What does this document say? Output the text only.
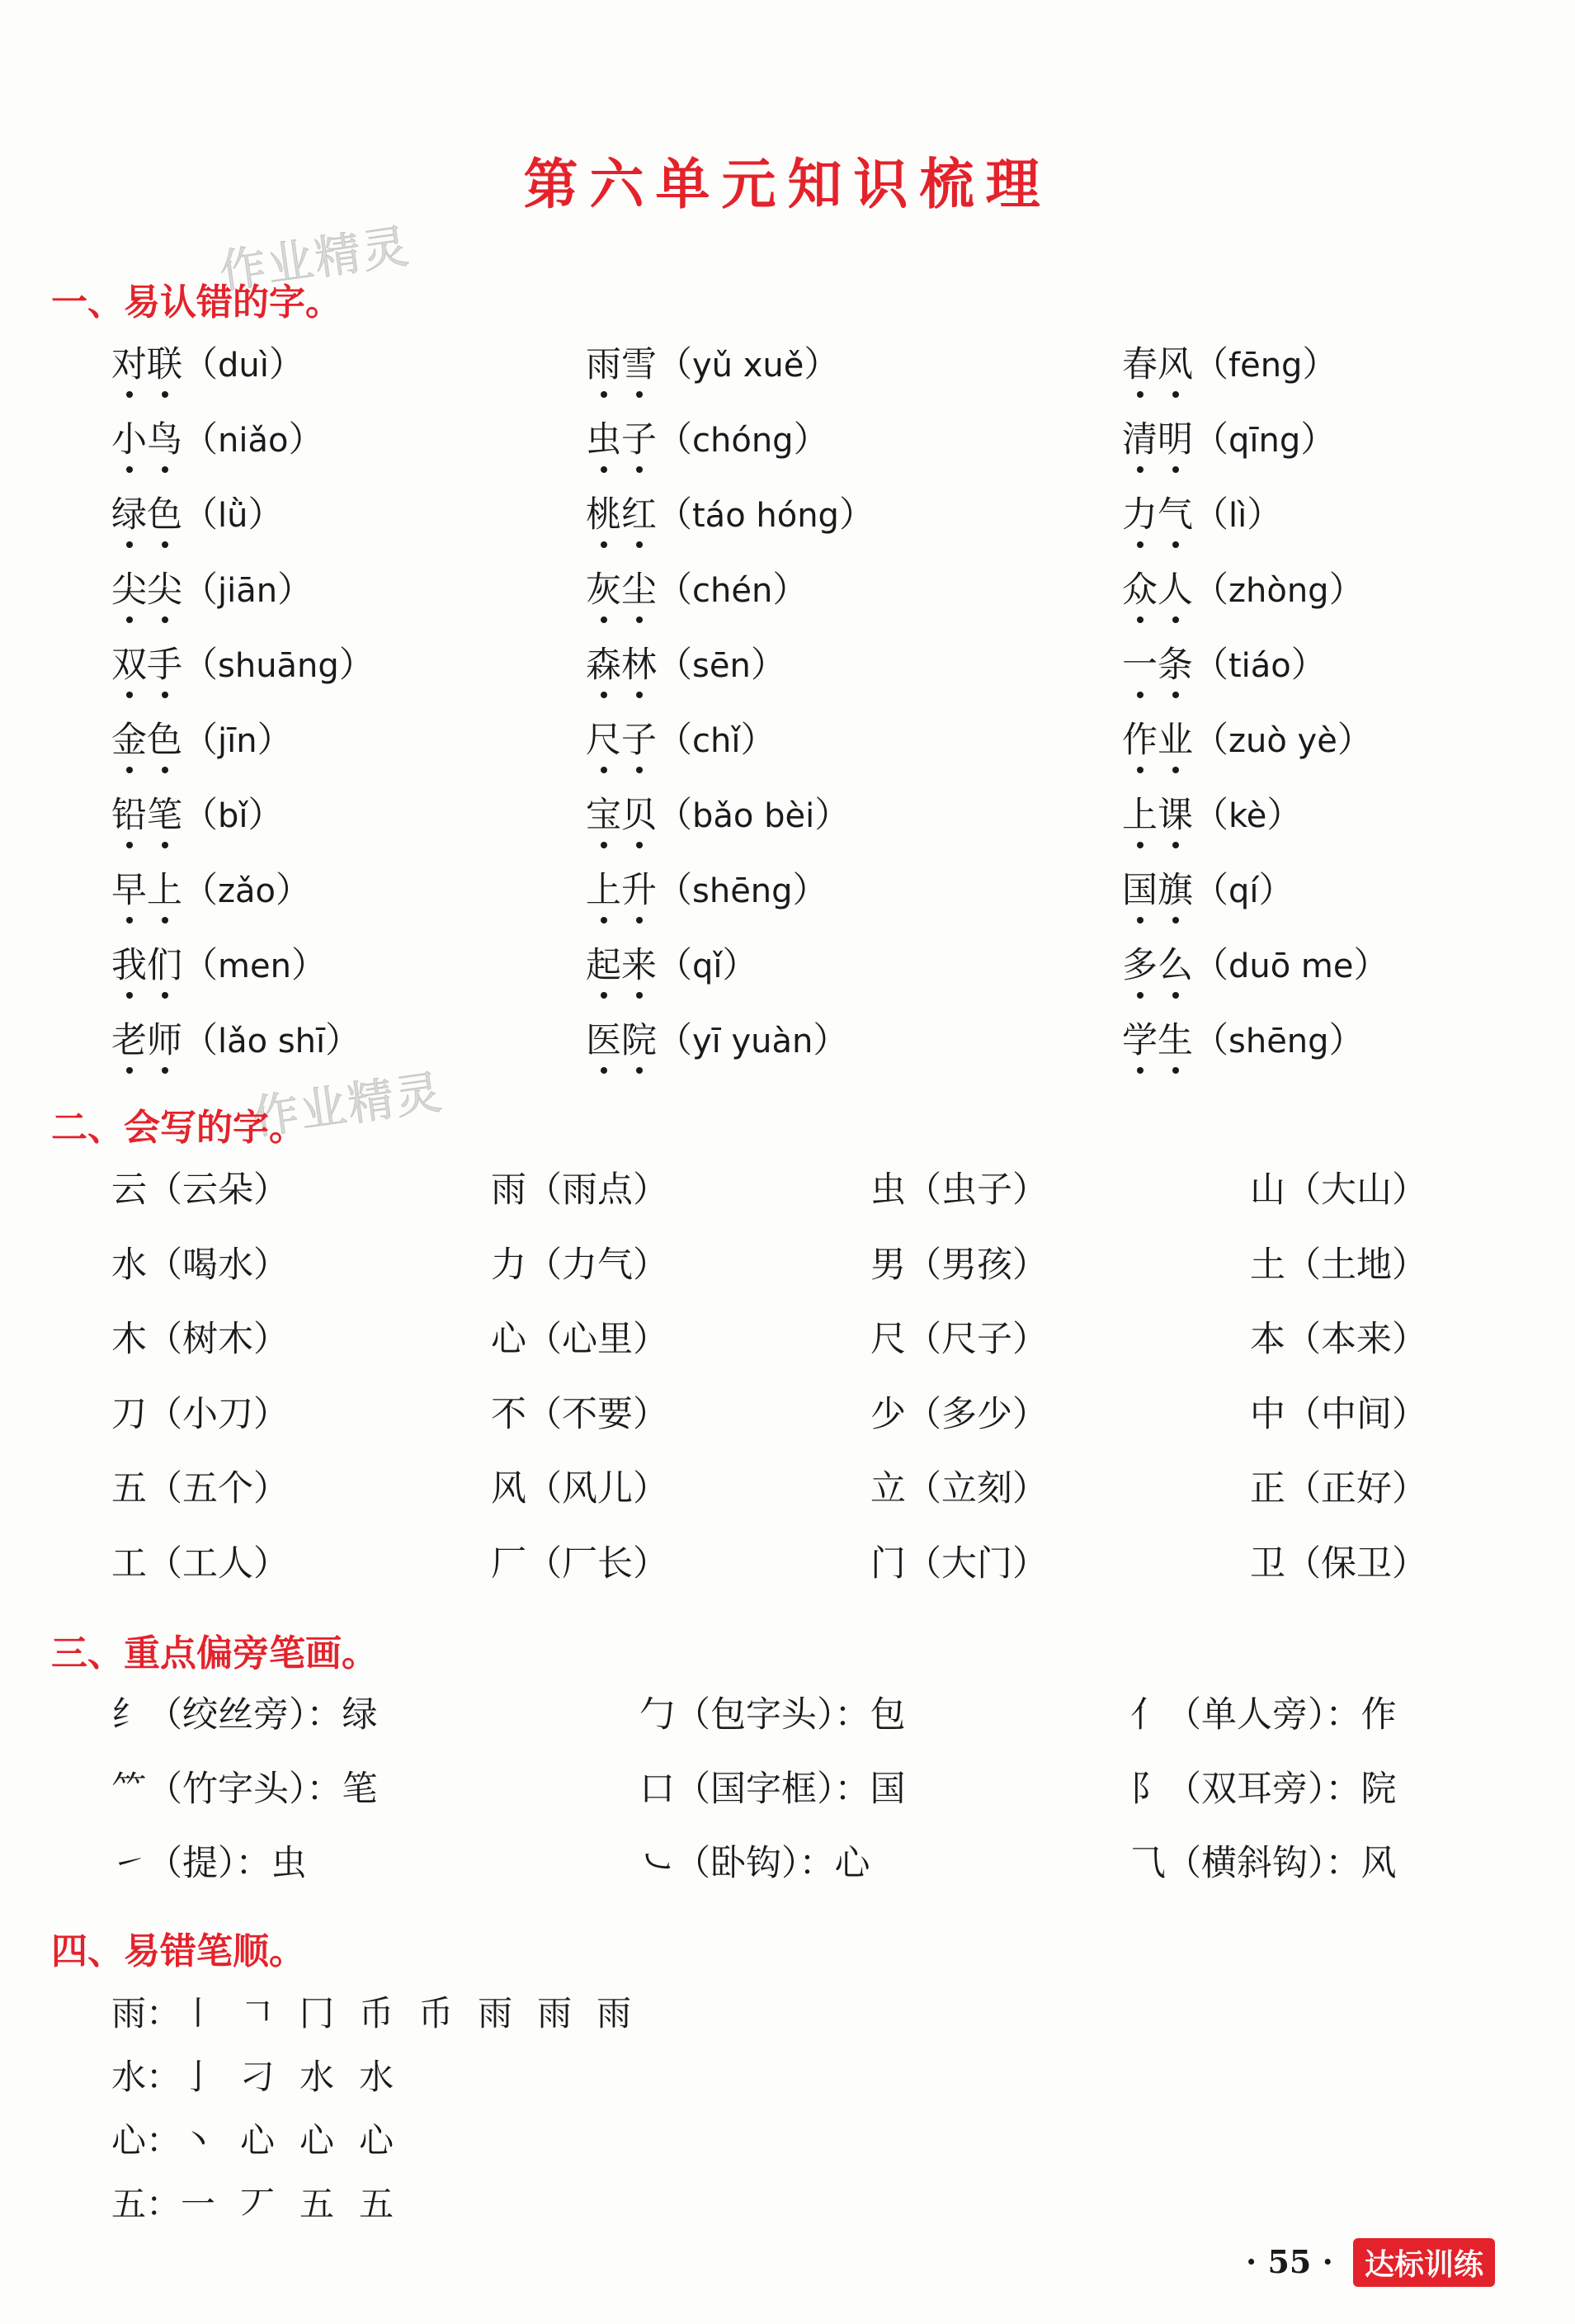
第六单元知识梳理
作业精灵
作业精灵
一、易认错的字。
对联（duì）	雨雪（yǔ xuě）	春风（fēng）
小鸟（niǎo）	虫子（chóng）	清明（qīng）
绿色（lǜ）	桃红（táo hóng）	力气（lì）
尖尖（jiān）	灰尘（chén）	众人（zhòng）
双手（shuāng）	森林（sēn）	一条（tiáo）
金色（jīn）	尺子（chǐ）	作业（zuò yè）
铅笔（bǐ）	宝贝（bǎo bèi）	上课（kè）
早上（zǎo）	上升（shēng）	国旗（qí）
我们（men）	起来（qǐ）	多么（duō me）
老师（lǎo shī）	医院（yī yuàn）	学生（shēng）
二、会写的字。
云（云朵）	雨（雨点）	虫（虫子）	山（大山）
水（喝水）	力（力气）	男（男孩）	土（土地）
木（树木）	心（心里）	尺（尺子）	本（本来）
刀（小刀）	不（不要）	少（多少）	中（中间）
五（五个）	风（风儿）	立（立刻）	正（正好）
工（工人）	厂（厂长）	门（大门）	卫（保卫）
三、重点偏旁笔画。
纟（绞丝旁）：绿	勹（包字头）：包	亻（单人旁）：作
⺮（竹字头）：笔	口（国字框）：国	阝（双耳旁）：院
㇀（提）：虫	㇃（卧钩）：心	⺄（横斜钩）：风
四、易错笔顺。
雨：㇑ 𠃍 冂 币 币 雨 雨 雨
水：亅 刁 水 水
心：丶 心 心 心
五：一 丆 五 五
· 55 ·	达标训练
